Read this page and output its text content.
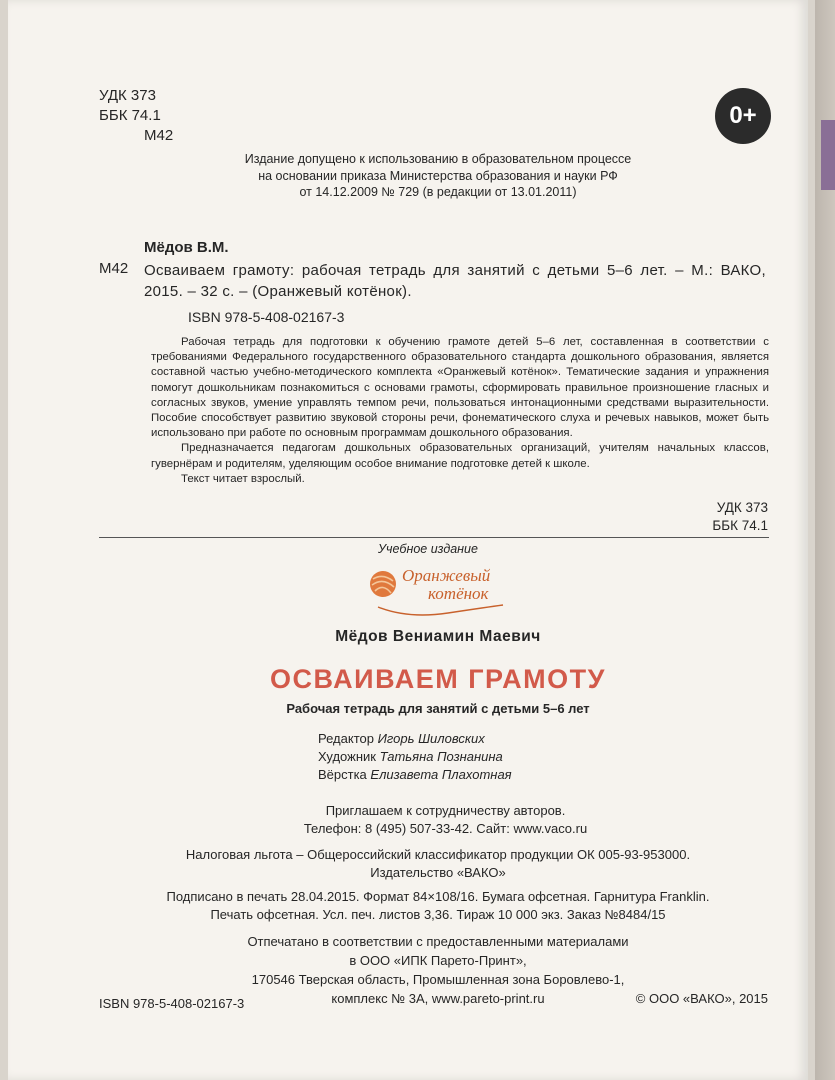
УДК 373
ББК 74.1
М42
0+
Издание допущено к использованию в образовательном процессе
на основании приказа Министерства образования и науки РФ
от 14.12.2009 № 729 (в редакции от 13.01.2011)
Мёдов В.М.
М42 Осваиваем грамоту: рабочая тетрадь для занятий с детьми 5–6 лет. – М.: ВАКО, 2015. – 32 с. – (Оранжевый котёнок).
ISBN 978-5-408-02167-3

Рабочая тетрадь для подготовки к обучению грамоте детей 5–6 лет, составленная в соответствии с требованиями Федерального государственного образовательного стандарта дошкольного образования, является составной частью учебно-методического комплекта «Оранжевый котёнок». Тематические задания и упражнения помогут дошкольникам познакомиться с основами грамоты, сформировать правильное произношение гласных и согласных звуков, умение управлять темпом речи, пользоваться интонационными средствами выразительности. Пособие способствует развитию звуковой стороны речи, фонематического слуха и речевых навыков, может быть использовано при работе по основным программам дошкольного образования.

Предназначается педагогам дошкольных образовательных организаций, учителям начальных классов, гувернёрам и родителям, уделяющим особое внимание подготовке детей к школе.

Текст читает взрослый.

УДК 373
ББК 74.1
Учебное издание
Оранжевый
котёнок
Мёдов Вениамин Маевич
ОСВАИВАЕМ ГРАМОТУ
Рабочая тетрадь для занятий с детьми 5–6 лет
Редактор Игорь Шиловских
Художник Татьяна Познанина
Вёрстка Елизавета Плахотная
Приглашаем к сотрудничеству авторов.
Телефон: 8 (495) 507-33-42. Сайт: www.vaco.ru
Налоговая льгота – Общероссийский классификатор продукции ОК 005-93-953000.
Издательство «ВАКО»
Подписано в печать 28.04.2015. Формат 84×108/16. Бумага офсетная. Гарнитура Franklin.
Печать офсетная. Усл. печ. листов 3,36. Тираж 10 000 экз. Заказ №8484/15
Отпечатано в соответствии с предоставленными материалами
в ООО «ИПК Парето-Принт»,
170546 Тверская область, Промышленная зона Боровлево-1,
комплекс № 3А, www.pareto-print.ru
ISBN 978-5-408-02167-3	© ООО «ВАКО», 2015
